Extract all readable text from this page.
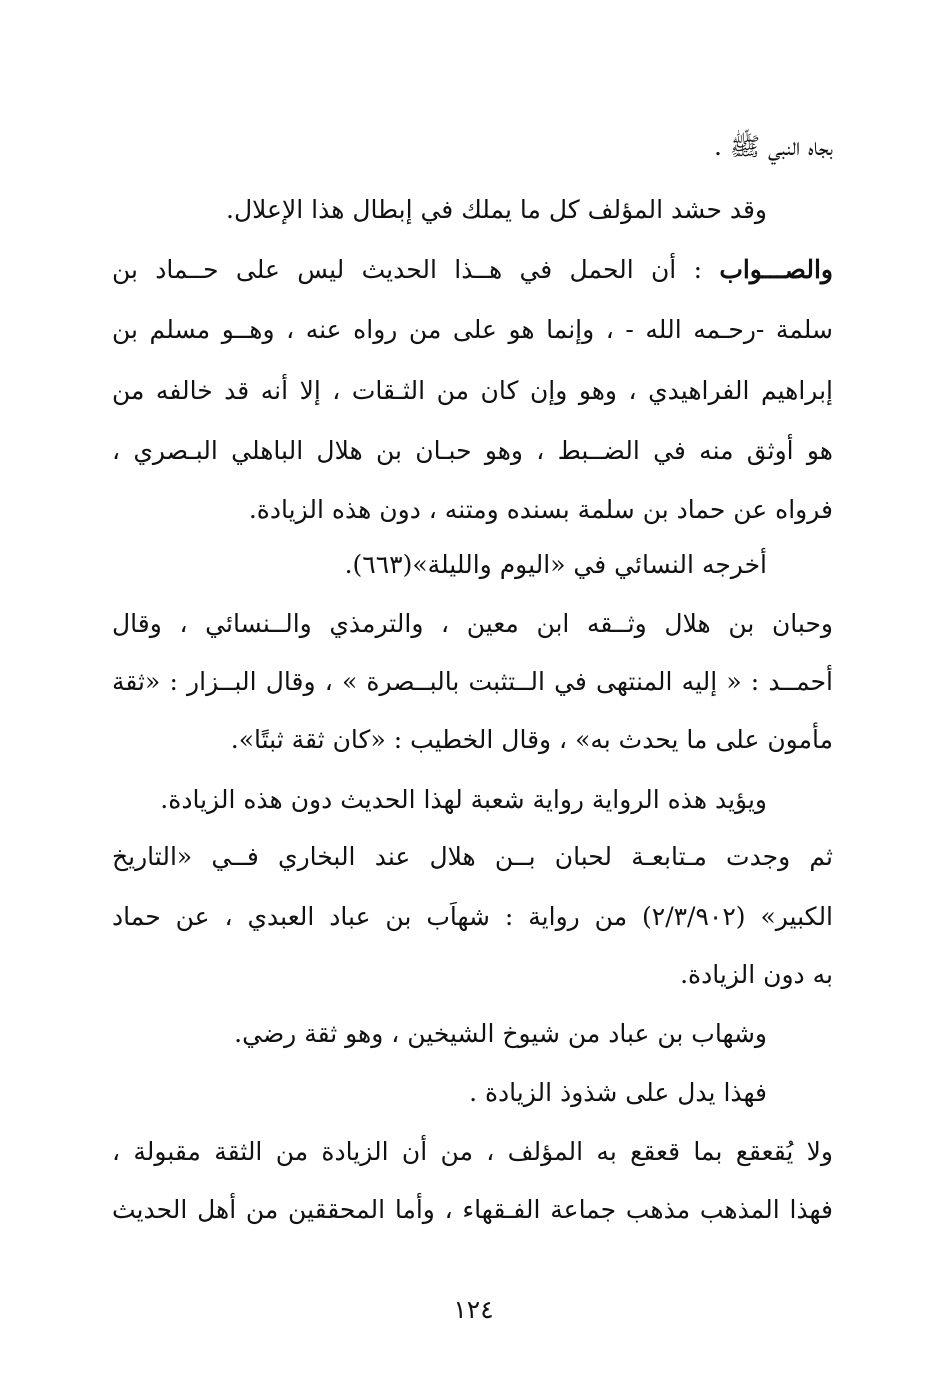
بجاه النبي ﷺ .
وقد حشد المؤلف كل ما يملك في إبطال هذا الإعلال.
والصـــواب : أن الحمل في هــذا الحديث ليس على حــماد بن
سلمة -رحـمه الله - ، وإنما هو على من رواه عنه ، وهــو مسلم بن
إبراهيم الفراهيدي ، وهو وإن كان من الثـقات ، إلا أنه قد خالفه من
هو أوثق منه في الضــبط ، وهو حبـان بن هلال الباهلي البـصري ،
فرواه عن حماد بن سلمة بسنده ومتنه ، دون هذه الزيادة.
أخرجه النسائي في «اليوم والليلة»(٦٦٣).
وحبان بن هلال وثــقه ابن معين ، والترمذي والــنسائي ، وقال
أحمــد : « إليه المنتهى في الــتثبت بالبــصرة » ، وقال البــزار : «ثقة
مأمون على ما يحدث به» ، وقال الخطيب : «كان ثقة ثبتًا».
ويؤيد هذه الرواية رواية شعبة لهذا الحديث دون هذه الزيادة.
ثم وجدت مـتابعـة لحبان بــن هلال عند البخاري فــي «التاريخ
الكبير» (٢/٣/٩٠٢) من رواية : شهاَب بن عباد العبدي ، عن حماد
به دون الزيادة.
وشهاب بن عباد من شيوخ الشيخين ، وهو ثقة رضي.
فهذا يدل على شذوذ الزيادة .
ولا يُقعقع بما قعقع به المؤلف ، من أن الزيادة من الثقة مقبولة ،
فهذا المذهب مذهب جماعة الفـقهاء ، وأما المحققين من أهل الحديث
١٢٤
